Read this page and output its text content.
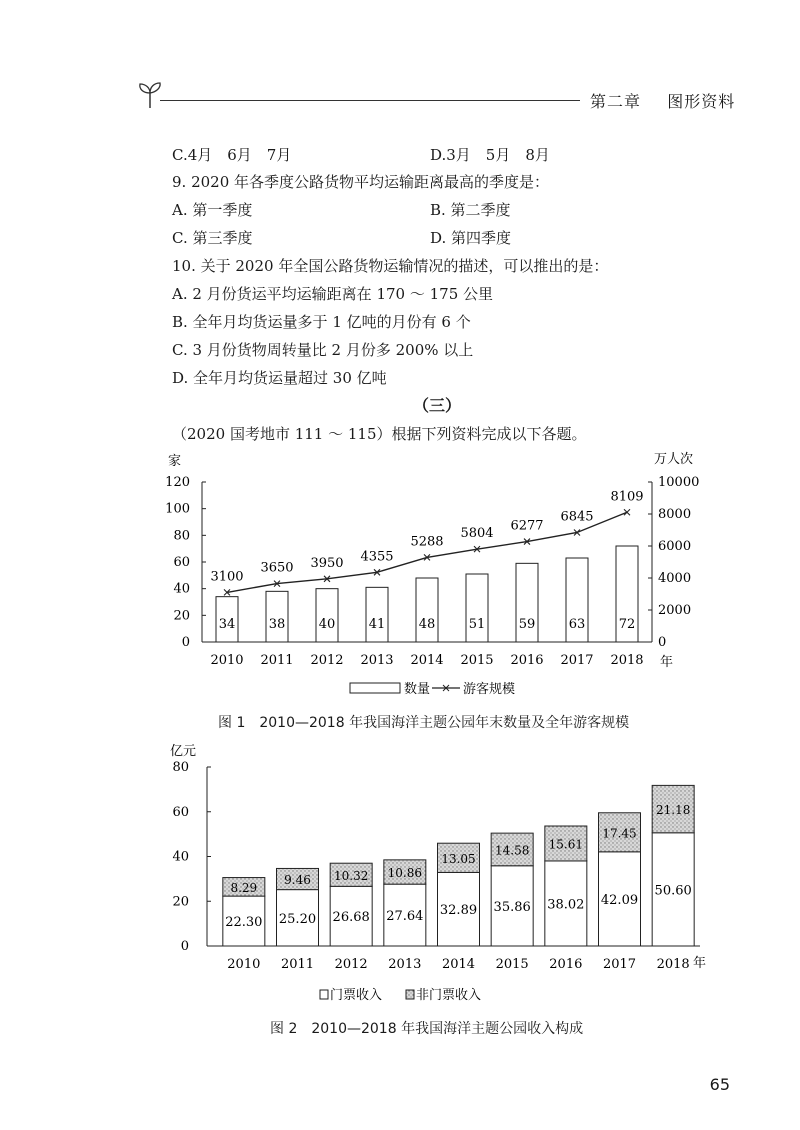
第二章 图形资料
C.4月　6月　7月	D.3月　5月　8月
9. 2020 年各季度公路货物平均运输距离最高的季度是：
A. 第一季度	B. 第二季度
C. 第三季度	D. 第四季度
10. 关于 2020 年全国公路货物运输情况的描述，可以推出的是：
A. 2 月份货运平均运输距离在 170 ～ 175 公里
B. 全年月均货运量多于 1 亿吨的月份有 6 个
C. 3 月份货物周转量比 2 月份多 200% 以上
D. 全年月均货运量超过 30 亿吨
（三）
（2020 国考地市 111 ～ 115）根据下列资料完成以下各题。
家	万人次
年
0
20
40
60
80
100
120
0
2000
4000
6000
8000
10000
2010 2011 2012 2013 2014 2015 2016 2017 2018
34	38	40	41	48	51	59	63	72
3100
3650 3950 4355
5288
5804
6277
6845
8109
数量	游客规模
图 1　2010—2018 年我国海洋主题公园年末数量及全年游客规模
亿元
年
0
20
40
60
80
2010 2011 2012 2013 2014 2015 2016 2017 2018
22.30
8.29
25.20
9.46
26.68
10.32
27.64
10.86
32.89
13.05
35.86
14.58
38.02
15.61
42.09
17.45
50.60
21.18
门票收入	非门票收入
图 2　2010—2018 年我国海洋主题公园收入构成
65
